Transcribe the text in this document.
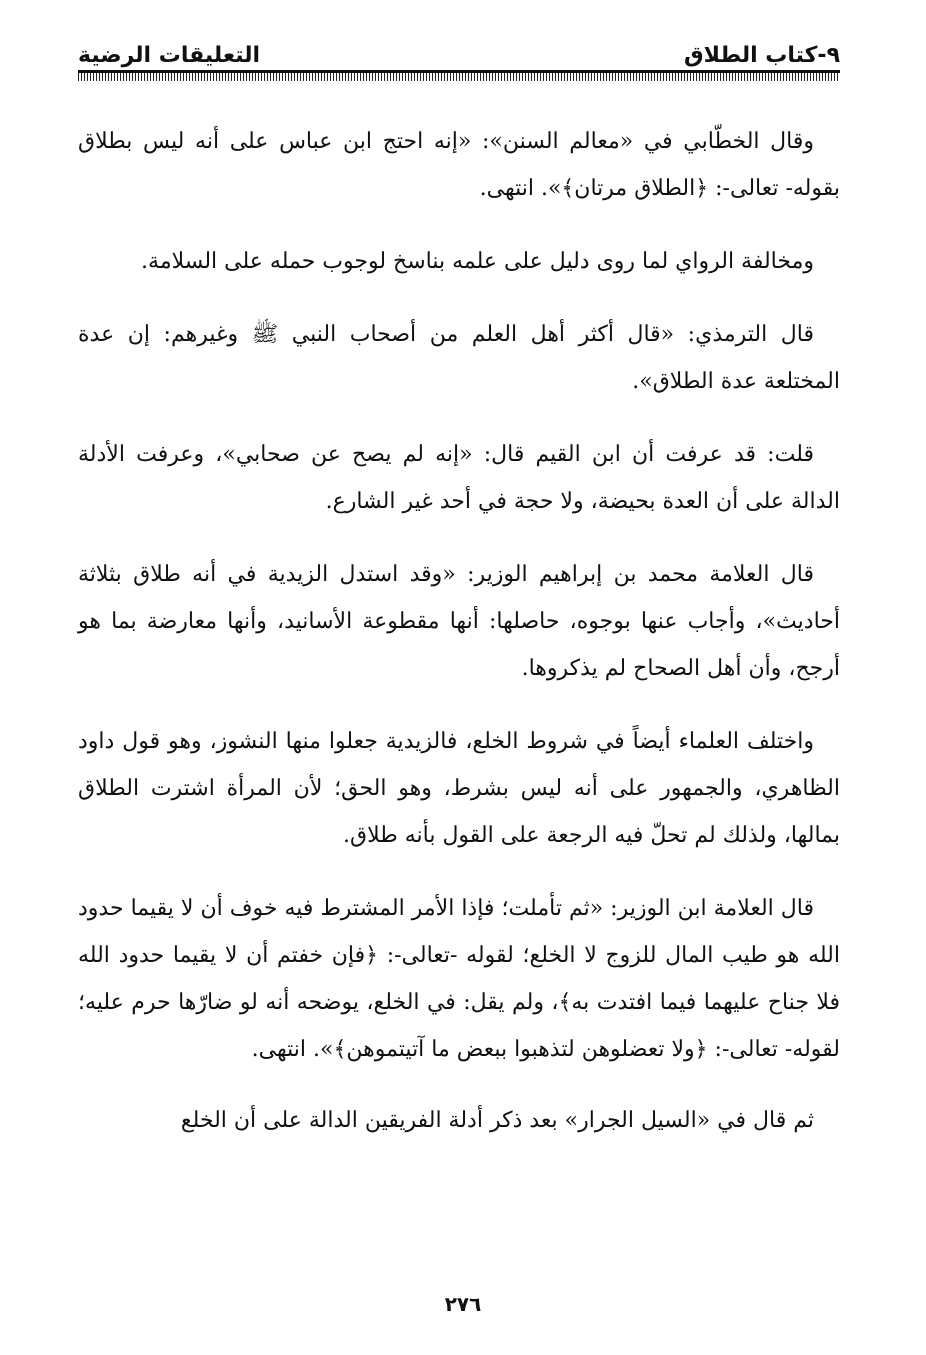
٩-كتاب الطلاق
التعليقات الرضية

وقال الخطّابي في «معالم السنن»: «إنه احتج ابن عباس على أنه ليس بطلاق بقوله- تعالى-: ﴿الطلاق مرتان﴾». انتهى.

ومخالفة الرواي لما روى دليل على علمه بناسخ لوجوب حمله على السلامة.

قال الترمذي: «قال أكثر أهل العلم من أصحاب النبي ﷺ وغيرهم: إن عدة المختلعة عدة الطلاق».

قلت: قد عرفت أن ابن القيم قال: «إنه لم يصح عن صحابي»، وعرفت الأدلة الدالة على أن العدة بحيضة، ولا حجة في أحد غير الشارع.

قال العلامة محمد بن إبراهيم الوزير: «وقد استدل الزيدية في أنه طلاق بثلاثة أحاديث»، وأجاب عنها بوجوه، حاصلها: أنها مقطوعة الأسانيد، وأنها معارضة بما هو أرجح، وأن أهل الصحاح لم يذكروها.

واختلف العلماء أيضاً في شروط الخلع، فالزيدية جعلوا منها النشوز، وهو قول داود الظاهري، والجمهور على أنه ليس بشرط، وهو الحق؛ لأن المرأة اشترت الطلاق بمالها، ولذلك لم تحلّ فيه الرجعة على القول بأنه طلاق.

قال العلامة ابن الوزير: «ثم تأملت؛ فإذا الأمر المشترط فيه خوف أن لا يقيما حدود الله هو طيب المال للزوج لا الخلع؛ لقوله -تعالى-: ﴿فإن خفتم أن لا يقيما حدود الله فلا جناح عليهما فيما افتدت به﴾، ولم يقل: في الخلع، يوضحه أنه لو ضارّها حرم عليه؛ لقوله- تعالى-: ﴿ولا تعضلوهن لتذهبوا ببعض ما آتيتموهن﴾». انتهى.

ثم قال في «السيل الجرار» بعد ذكر أدلة الفريقين الدالة على أن الخلع

٢٧٦
